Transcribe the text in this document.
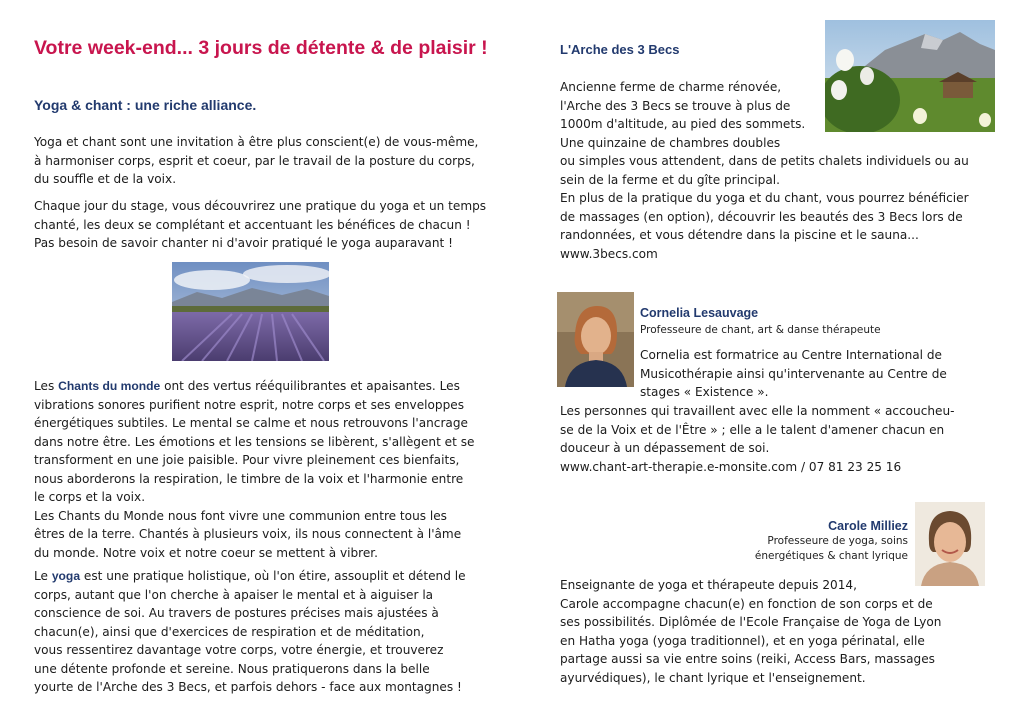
Votre week-end... 3 jours de détente & de plaisir !
Yoga & chant : une riche alliance.
Yoga et chant sont une invitation à être plus conscient(e) de vous-même,
à harmoniser corps, esprit et coeur, par le travail de la posture du corps,
du souffle et de la voix.
Chaque jour du stage, vous découvrirez une pratique du yoga et un temps
chanté, les deux se complétant et accentuant les bénéfices de chacun !
Pas besoin de savoir chanter ni d'avoir pratiqué le yoga auparavant !
Les Chants du monde ont des vertus rééquilibrantes et apaisantes. Les
vibrations sonores purifient notre esprit, notre corps et ses enveloppes
énergétiques subtiles. Le mental se calme et nous retrouvons l'ancrage
dans notre être. Les émotions et les tensions se libèrent, s'allègent et se
transforment en une joie paisible. Pour vivre pleinement ces bienfaits,
nous aborderons la respiration, le timbre de la voix et l'harmonie entre
le corps et la voix.
Les Chants du Monde nous font vivre une communion entre tous les
êtres de la terre. Chantés à plusieurs voix, ils nous connectent à l'âme
du monde. Notre voix et notre coeur se mettent à vibrer.
Le yoga est une pratique holistique, où l'on étire, assouplit et détend le
corps, autant que l'on cherche à apaiser le mental et à aiguiser la
conscience de soi. Au travers de postures précises mais ajustées à
chacun(e), ainsi que d'exercices de respiration et de méditation,
vous ressentirez davantage votre corps, votre énergie, et trouverez
une détente profonde et sereine. Nous pratiquerons dans la belle
yourte de l'Arche des 3 Becs, et parfois dehors - face aux montagnes !
L'Arche des 3 Becs
Ancienne ferme de charme rénovée,
l'Arche des 3 Becs se trouve à plus de
1000m d'altitude, au pied des sommets.
Une quinzaine de chambres doubles
ou simples vous attendent, dans de petits chalets individuels ou au
sein de la ferme et du gîte principal.
En plus de la pratique du yoga et du chant, vous pourrez bénéficier
de massages (en option), découvrir les beautés des 3 Becs lors de
randonnées, et vous détendre dans la piscine et le sauna...
www.3becs.com
Cornelia Lesauvage
Professeure de chant, art & danse thérapeute
Cornelia est formatrice au Centre International de
Musicothérapie ainsi qu'intervenante au Centre de
stages « Existence ».
Les personnes qui travaillent avec elle la nomment « accoucheu-
se de la Voix et de l'Être » ; elle a le talent d'amener chacun en
douceur à un dépassement de soi.
www.chant-art-therapie.e-monsite.com / 07 81 23 25 16
Carole Milliez
Professeure de yoga, soins
énergétiques & chant lyrique
Enseignante de yoga et thérapeute depuis 2014,
Carole accompagne chacun(e) en fonction de son corps et de
ses possibilités. Diplômée de l'Ecole Française de Yoga de Lyon
en Hatha yoga (yoga traditionnel), et en yoga périnatal, elle
partage aussi sa vie entre soins (reiki, Access Bars, massages
ayurvédiques), le chant lyrique et l'enseignement.
